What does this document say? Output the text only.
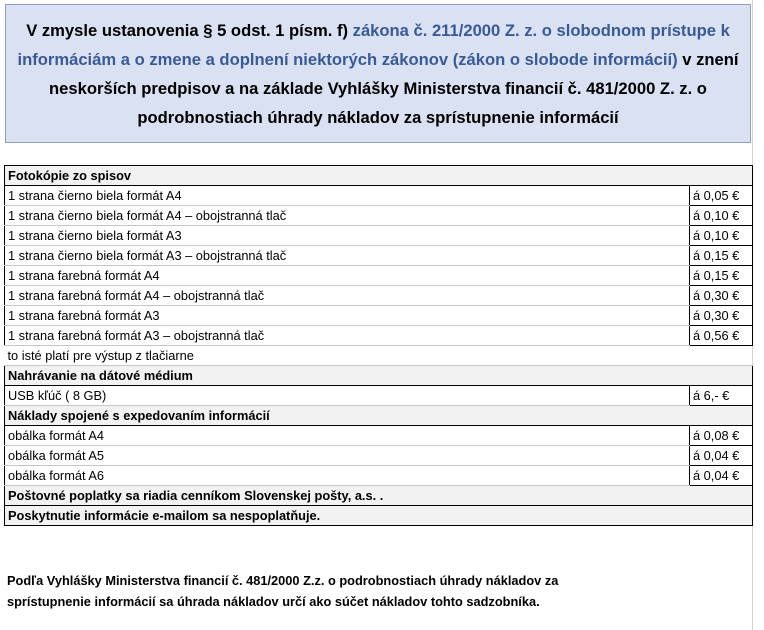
V zmysle ustanovenia § 5 odst. 1 písm. f) zákona č. 211/2000 Z. z. o slobodnom prístupe k informáciám a o zmene a doplnení niektorých zákonov (zákon o slobode informácií) v znení neskorších predpisov a na základe Vyhlášky Ministerstva financií č. 481/2000 Z. z. o podrobnostiach úhrady nákladov za sprístupnenie informácií
Fotokópie zo spisov	
1 strana čierno biela formát A4	á 0,05 €
1 strana čierno biela formát A4 – obojstranná tlač	á 0,10 €
1 strana čierno biela formát A3	á 0,10 €
1 strana čierno biela formát A3 – obojstranná tlač	á 0,15 €
1 strana farebná formát A4	á 0,15 €
1 strana farebná formát A4 – obojstranná tlač	á 0,30 €
1 strana farebná formát A3	á 0,30 €
1 strana farebná formát A3 – obojstranná tlač	á 0,56 €
to isté platí pre výstup z tlačiarne	
Nahrávanie na dátové médium	
USB kľúč ( 8 GB)	á 6,- €
Náklady spojené s expedovaním informácií	
obálka formát A4	á 0,08 €
obálka formát A5	á 0,04 €
obálka formát A6	á 0,04 €
Poštovné poplatky sa riadia cenníkom Slovenskej pošty, a.s. .	
Poskytnutie informácie e-mailom sa nespoplatňuje.	
Podľa Vyhlášky Ministerstva financií č. 481/2000 Z.z. o podrobnostiach úhrady nákladov za
sprístupnenie informácií sa úhrada nákladov určí ako súčet nákladov tohto sadzobníka.
